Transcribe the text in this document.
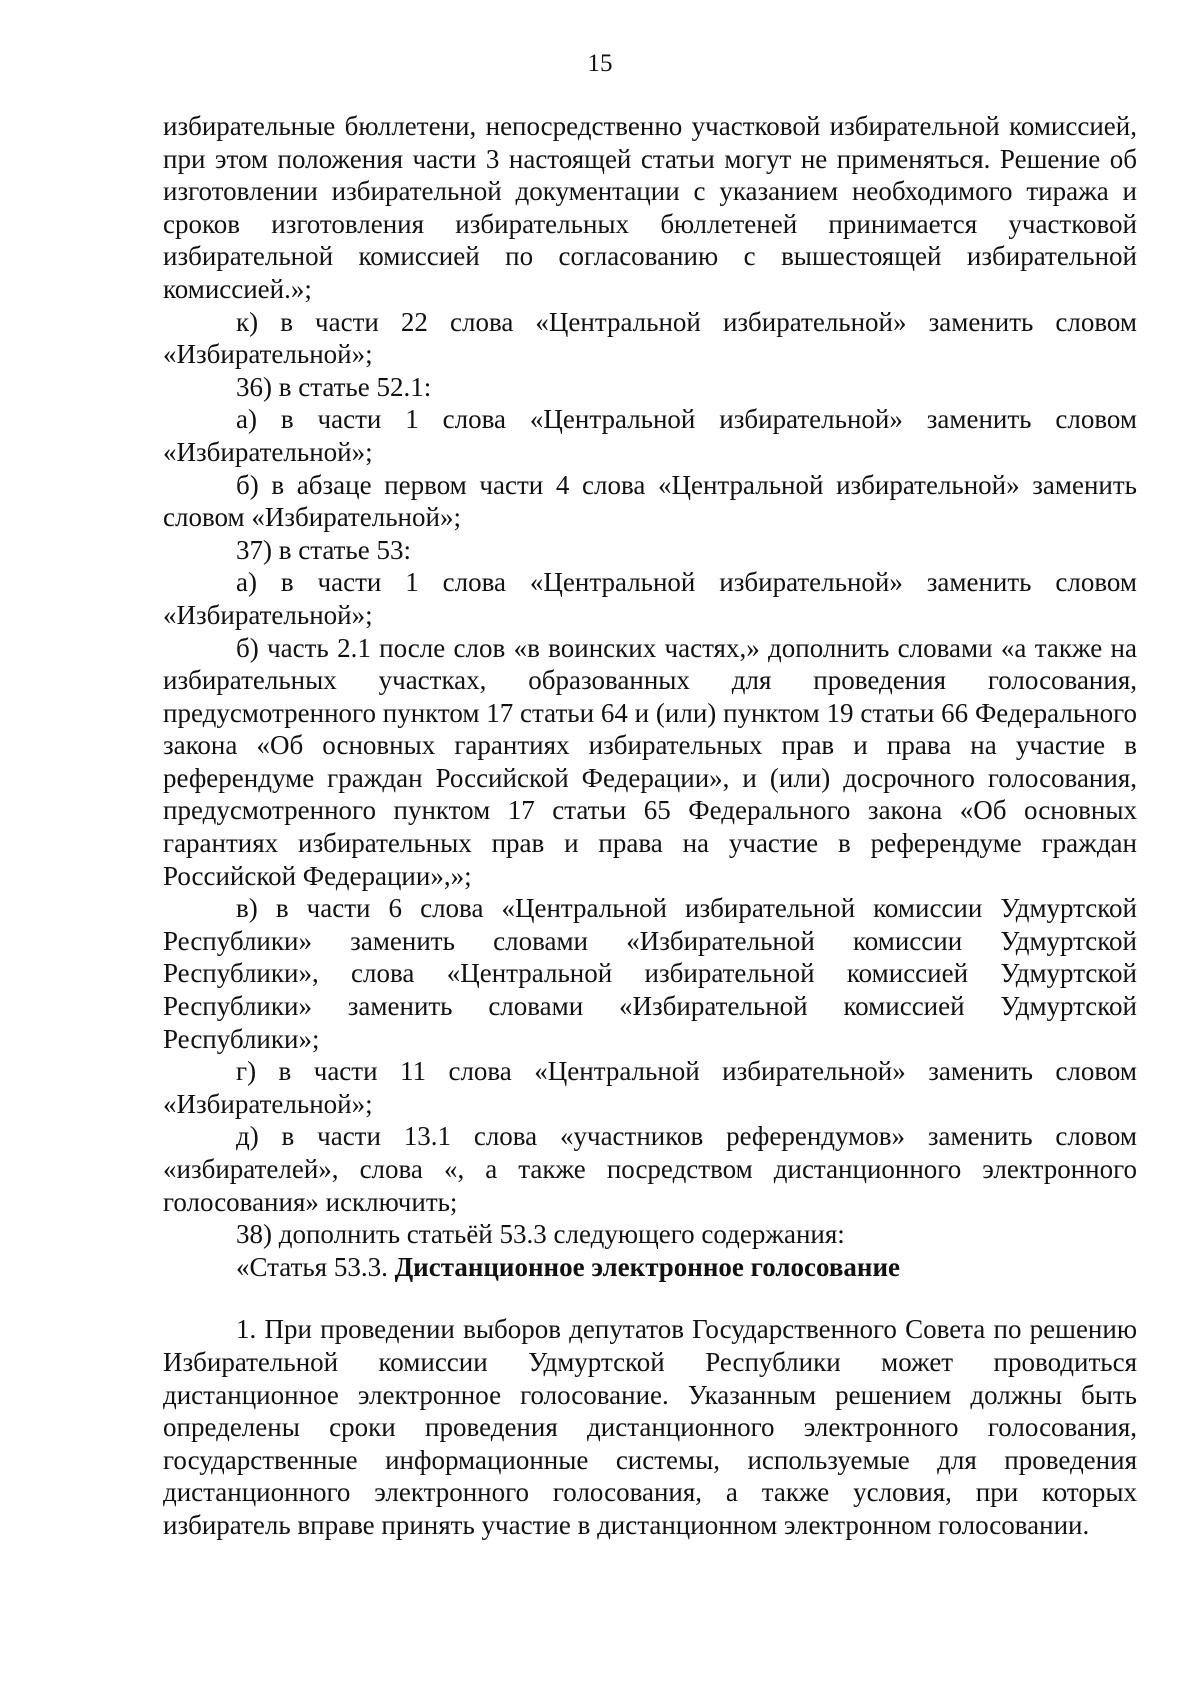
15

избирательные бюллетени, непосредственно участковой избирательной комиссией, при этом положения части 3 настоящей статьи могут не применяться. Решение об изготовлении избирательной документации с указанием необходимого тиража и сроков изготовления избирательных бюллетеней принимается участковой избирательной комиссией по согласованию с вышестоящей избирательной комиссией.»;

к) в части 22 слова «Центральной избирательной» заменить словом «Избирательной»;

36) в статье 52.1:

а) в части 1 слова «Центральной избирательной» заменить словом «Избирательной»;

б) в абзаце первом части 4 слова «Центральной избирательной» заменить словом «Избирательной»;

37) в статье 53:

а) в части 1 слова «Центральной избирательной» заменить словом «Избирательной»;

б) часть 2.1 после слов «в воинских частях,» дополнить словами «а также на избирательных участках, образованных для проведения голосования, предусмотренного пунктом 17 статьи 64 и (или) пунктом 19 статьи 66 Федерального закона «Об основных гарантиях избирательных прав и права на участие в референдуме граждан Российской Федерации», и (или) досрочного голосования, предусмотренного пунктом 17 статьи 65 Федерального закона «Об основных гарантиях избирательных прав и права на участие в референдуме граждан Российской Федерации»,»;

в) в части 6 слова «Центральной избирательной комиссии Удмуртской Республики» заменить словами «Избирательной комиссии Удмуртской Республики», слова «Центральной избирательной комиссией Удмуртской Республики» заменить словами «Избирательной комиссией Удмуртской Республики»;

г) в части 11 слова «Центральной избирательной» заменить словом «Избирательной»;

д) в части 13.1 слова «участников референдумов» заменить словом «избирателей», слова «, а также посредством дистанционного электронного голосования» исключить;

38) дополнить статьёй 53.3 следующего содержания:

«Статья 53.3. Дистанционное электронное голосование

1. При проведении выборов депутатов Государственного Совета по решению Избирательной комиссии Удмуртской Республики может проводиться дистанционное электронное голосование. Указанным решением должны быть определены сроки проведения дистанционного электронного голосования, государственные информационные системы, используемые для проведения дистанционного электронного голосования, а также условия, при которых избиратель вправе принять участие в дистанционном электронном голосовании.
